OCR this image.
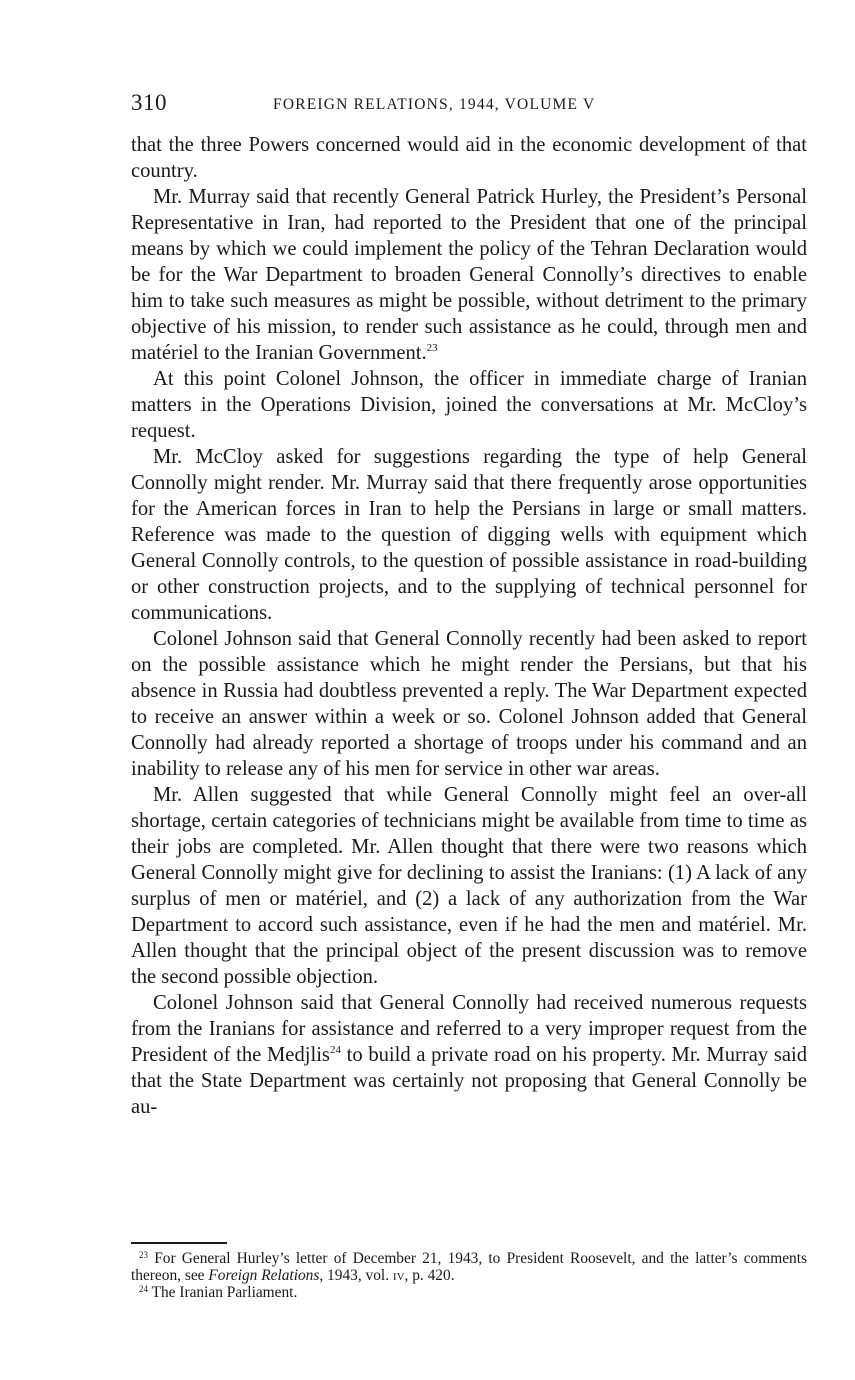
310	FOREIGN RELATIONS, 1944, VOLUME V

that the three Powers concerned would aid in the economic development of that country.

Mr. Murray said that recently General Patrick Hurley, the President’s Personal Representative in Iran, had reported to the President that one of the principal means by which we could implement the policy of the Tehran Declaration would be for the War Department to broaden General Connolly’s directives to enable him to take such measures as might be possible, without detriment to the primary objective of his mission, to render such assistance as he could, through men and matériel to the Iranian Government.$^{23}$

At this point Colonel Johnson, the officer in immediate charge of Iranian matters in the Operations Division, joined the conversations at Mr. McCloy’s request.

Mr. McCloy asked for suggestions regarding the type of help General Connolly might render. Mr. Murray said that there frequently arose opportunities for the American forces in Iran to help the Persians in large or small matters. Reference was made to the question of digging wells with equipment which General Connolly controls, to the question of possible assistance in road-building or other construction projects, and to the supplying of technical personnel for communications.

Colonel Johnson said that General Connolly recently had been asked to report on the possible assistance which he might render the Persians, but that his absence in Russia had doubtless prevented a reply. The War Department expected to receive an answer within a week or so. Colonel Johnson added that General Connolly had already reported a shortage of troops under his command and an inability to release any of his men for service in other war areas.

Mr. Allen suggested that while General Connolly might feel an over-all shortage, certain categories of technicians might be available from time to time as their jobs are completed. Mr. Allen thought that there were two reasons which General Connolly might give for declining to assist the Iranians: (1) A lack of any surplus of men or matériel, and (2) a lack of any authorization from the War Department to accord such assistance, even if he had the men and matériel. Mr. Allen thought that the principal object of the present discussion was to remove the second possible objection.

Colonel Johnson said that General Connolly had received numerous requests from the Iranians for assistance and referred to a very improper request from the President of the Medjlis$^{24}$ to build a private road on his property. Mr. Murray said that the State Department was certainly not proposing that General Connolly be au-

$^{23}$ For General Hurley’s letter of December 21, 1943, to President Roosevelt, and the latter’s comments thereon, see Foreign Relations, 1943, vol. iv, p. 420.

$^{24}$ The Iranian Parliament.
